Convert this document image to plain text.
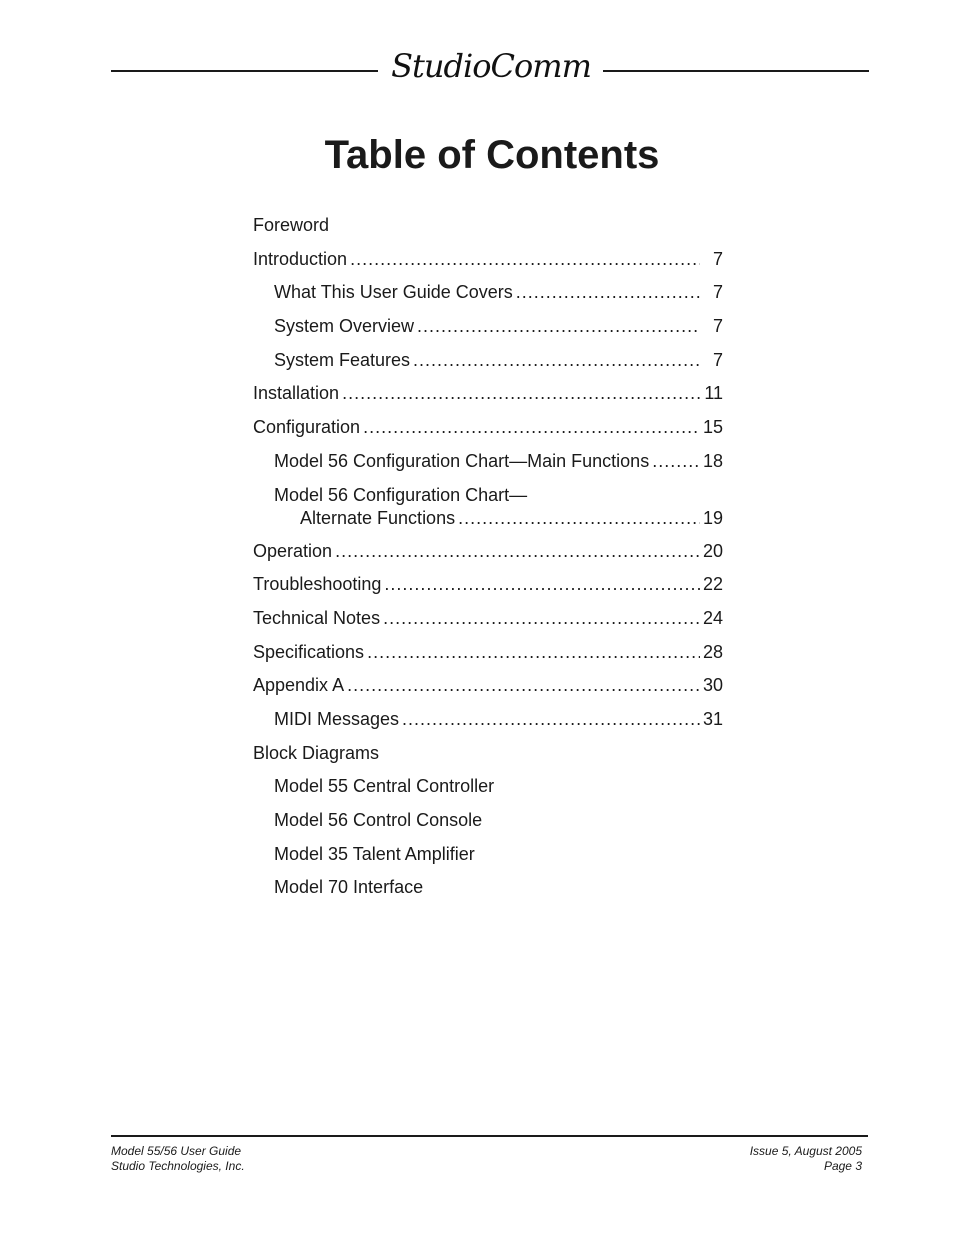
StudioComm
Table of Contents
Foreword
Introduction .....	7
What This User Guide Covers .....	7
System Overview .....	7
System Features .....	7
Installation .....	11
Configuration .....	15
Model 56 Configuration Chart—Main Functions .....	18
Model 56 Configuration Chart—
Alternate Functions .....	19
Operation .....	20
Troubleshooting .....	22
Technical Notes .....	24
Specifications .....	28
Appendix A .....	30
MIDI Messages .....	31
Block Diagrams
Model 55 Central Controller
Model 56 Control Console
Model 35 Talent Amplifier
Model 70 Interface
Model 55/56 User Guide
Studio Technologies, Inc.
Issue 5, August 2005
Page 3
